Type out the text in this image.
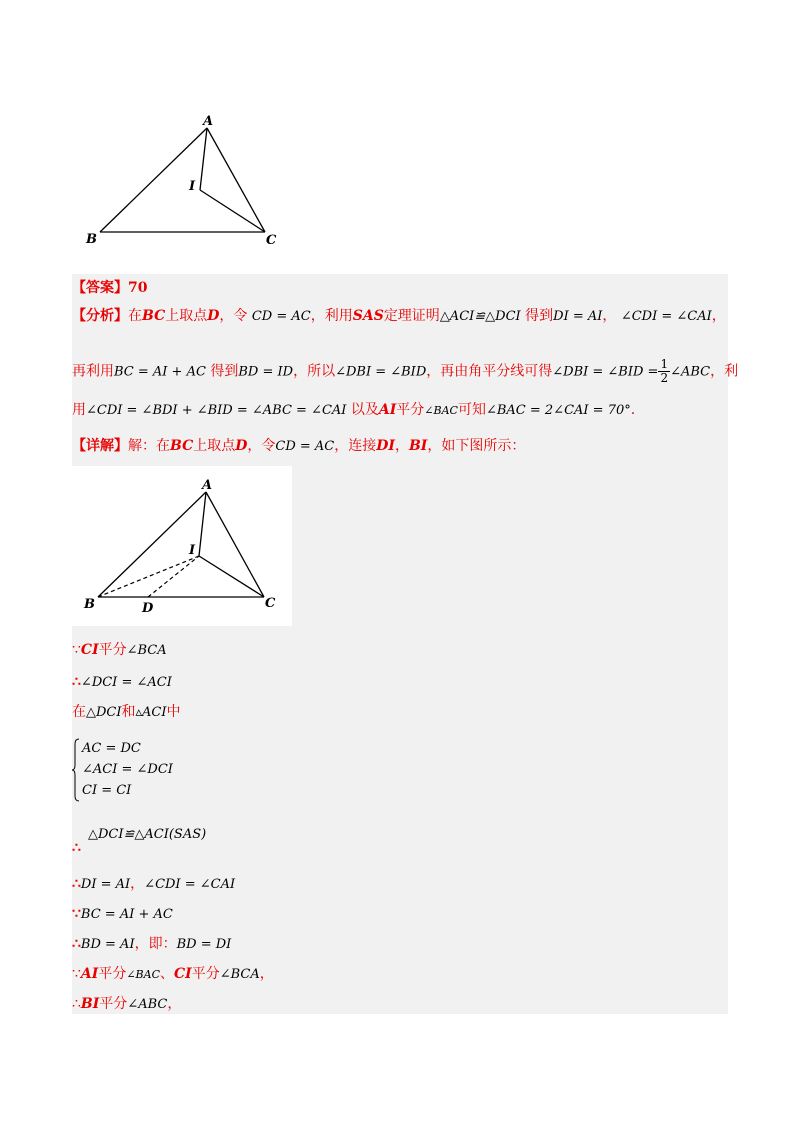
A
B	C
I
【答案】70
【分析】在BC上取点D，令 CD = AC，利用SAS定理证明△ACI≌△DCI 得到DI = AI， ∠CDI = ∠CAI，
再利用BC = AI + AC 得到BD = ID，所以∠DBI = ∠BID，再由角平分线可得∠DBI = ∠BID = $\frac{1}{2}$ ∠ABC，利
用∠CDI = ∠BDI + ∠BID = ∠ABC = ∠CAI 以及AI平分∠BAC可知∠BAC = 2∠CAI = 70°.
【详解】解：在BC上取点D，令CD = AC，连接DI，BI，如下图所示：
A
B	C
I
D
∵CI平分∠BCA
∴∠DCI = ∠ACI
在△DCI和▵ACI中
AC = DC
∠ACI = ∠DCI
CI = CI
△DCI≌△ACI(SAS)
∴
∴DI = AI，∠CDI = ∠CAI
∵BC = AI + AC
∴BD = AI，即：BD = DI
∵AI平分∠BAC、CI平分∠BCA，
∴BI平分∠ABC，
